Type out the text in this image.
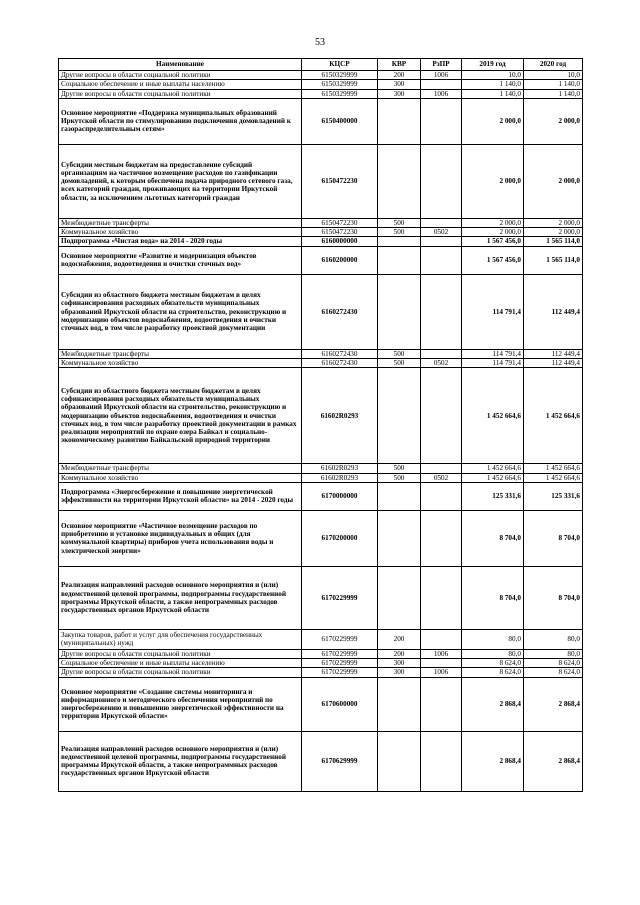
53
Наименование	КЦСР	КВР	РзПР	2019 год	2020 год
Другие вопросы в области социальной политики	6150329999	200	1006	10,0	10,0
Социальное обеспечение и иные выплаты населению	6150329999	300		1 140,0	1 140,0
Другие вопросы в области социальной политики	6150329999	300	1006	1 140,0	1 140,0
Основное мероприятие «Поддержка муниципальных образований Иркутской области по стимулированию подключения домовладений к газораспределительным сетям»	6150400000			2 000,0	2 000,0
Субсидии местным бюджетам на предоставление субсидий организациям на частичное возмещение расходов по газификации домовладений, к которым обеспечена подача природного сетевого газа, всех категорий граждан, проживающих на территории Иркутской области, за исключением льготных категорий граждан	6150472230			2 000,0	2 000,0
Межбюджетные трансферты	6150472230	500		2 000,0	2 000,0
Коммунальное хозяйство	6150472230	500	0502	2 000,0	2 000,0
Подпрограмма «Чистая вода» на 2014 - 2020 годы	6160000000			1 567 456,0	1 565 114,0
Основное мероприятие «Развитие и модернизация объектов водоснабжения, водоотведения и очистки сточных вод»	6160200000			1 567 456,0	1 565 114,0
Субсидии из областного бюджета местным бюджетам в целях софинансирования расходных обязательств муниципальных образований Иркутской области на строительство, реконструкцию и модернизацию объектов водоснабжения, водоотведения и очистки сточных вод, в том числе разработку проектной документации	6160272430			114 791,4	112 449,4
Межбюджетные трансферты	6160272430	500		114 791,4	112 449,4
Коммунальное хозяйство	6160272430	500	0502	114 791,4	112 449,4
Субсидии из областного бюджета местным бюджетам в целях софинансирования расходных обязательств муниципальных образований Иркутской области на строительство, реконструкцию и модернизацию объектов водоснабжения, водоотведения и очистки сточных вод, в том числе разработку проектной документации в рамках реализации мероприятий по охране озера Байкал и социально-экономическому развитию Байкальской природной территории	61602R0293			1 452 664,6	1 452 664,6
Межбюджетные трансферты	61602R0293	500		1 452 664,6	1 452 664,6
Коммунальное хозяйство	61602R0293	500	0502	1 452 664,6	1 452 664,6
Подпрограмма «Энергосбережение и повышение энергетической эффективности на территории Иркутской области» на 2014 - 2020 годы	6170000000			125 331,6	125 331,6
Основное мероприятие «Частичное возмещение расходов по приобретению и установке индивидуальных и общих (для коммунальной квартиры) приборов учета использования воды и электрической энергии»	6170200000			8 704,0	8 704,0
Реализация направлений расходов основного мероприятия и (или) ведомственной целевой программы, подпрограммы государственной программы Иркутской области, а также непрограммных расходов государственных органов Иркутской области	6170229999			8 704,0	8 704,0
Закупка товаров, работ и услуг для обеспечения государственных (муниципальных) нужд	6170229999	200		80,0	80,0
Другие вопросы в области социальной политики	6170229999	200	1006	80,0	80,0
Социальное обеспечение и иные выплаты населению	6170229999	300		8 624,0	8 624,0
Другие вопросы в области социальной политики	6170229999	300	1006	8 624,0	8 624,0
Основное мероприятие «Создание системы мониторинга и информационного и методического обеспечения мероприятий по энергосбережению и повышению энергетической эффективности на территории Иркутской области»	6170600000			2 868,4	2 868,4
Реализация направлений расходов основного мероприятия и (или) ведомственной целевой программы, подпрограммы государственной программы Иркутской области, а также непрограммных расходов государственных органов Иркутской области	6170629999			2 868,4	2 868,4
